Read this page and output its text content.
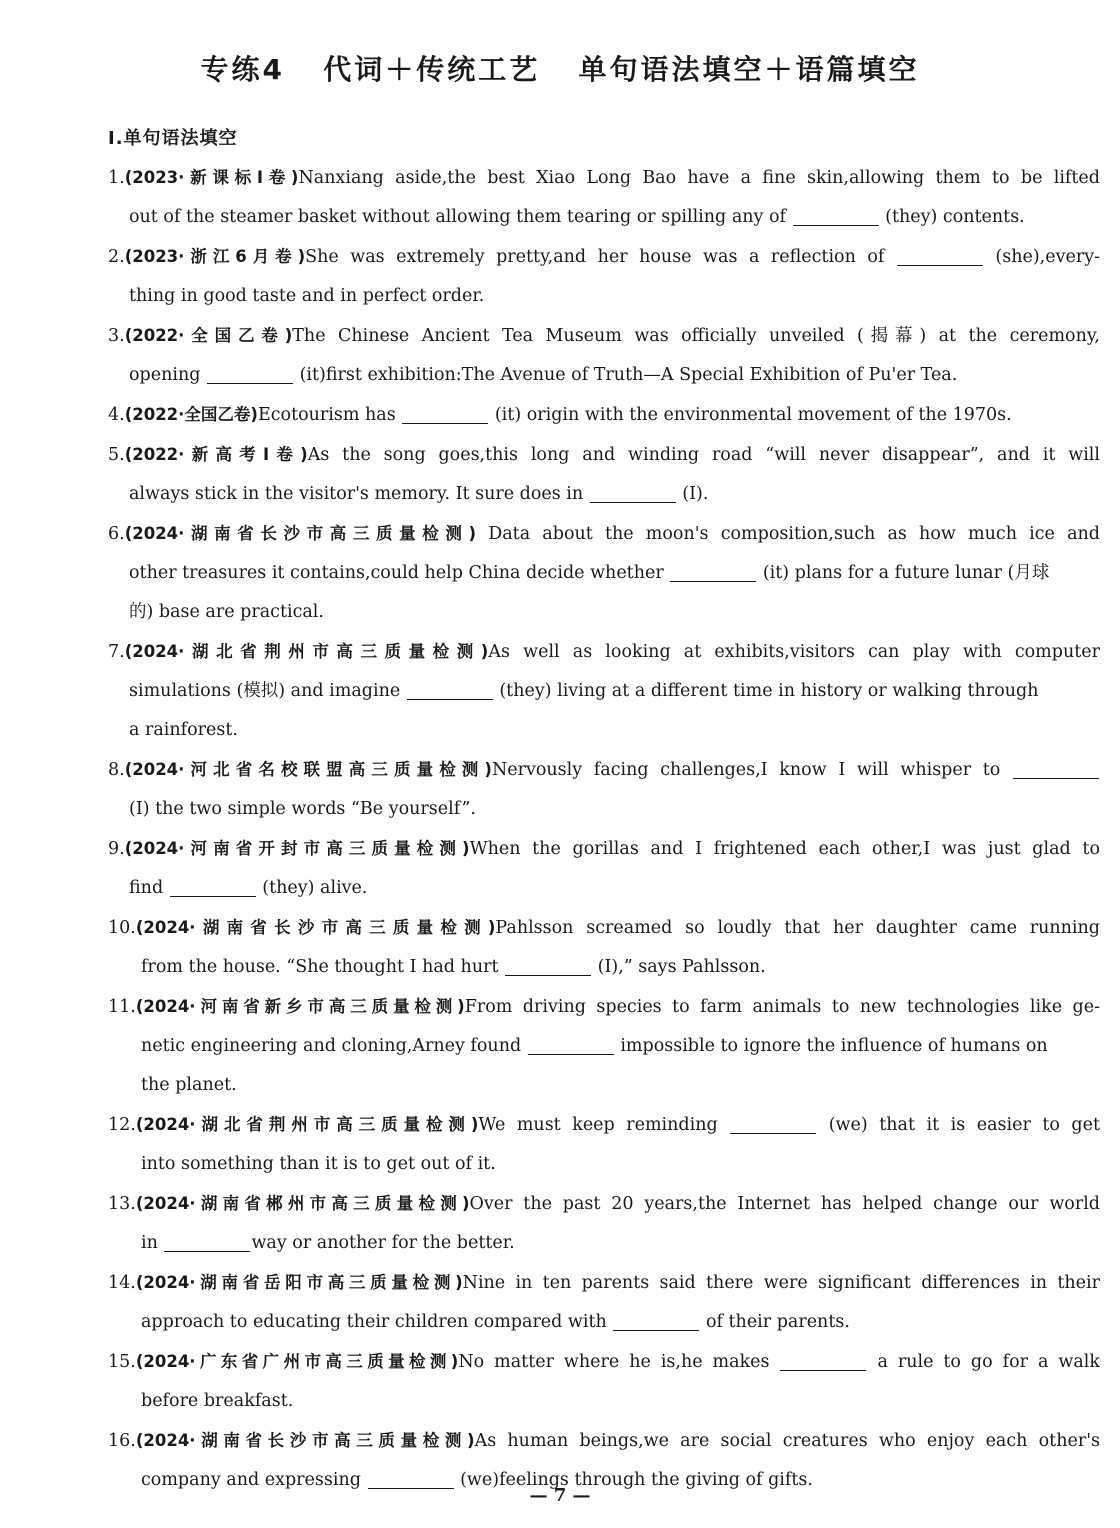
专练4   代词＋传统工艺   单句语法填空＋语篇填空
Ⅰ.单句语法填空
1.(2023·新课标Ⅰ卷)Nanxiang aside,the best Xiao Long Bao have a fine skin,allowing them to be lifted
out of the steamer basket without allowing them tearing or spilling any of	(they) contents.
2.(2023·浙江6月卷)She was extremely pretty,and her house was a reflection of	(she),every-
thing in good taste and in perfect order.
3.(2022·全国乙卷)The Chinese Ancient Tea Museum was officially unveiled (揭幕) at the ceremony,
opening	(it)first exhibition:The Avenue of Truth—A Special Exhibition of Pu'er Tea.
4.(2022·全国乙卷)Ecotourism has	(it) origin with the environmental movement of the 1970s.
5.(2022·新高考Ⅰ卷)As the song goes,this long and winding road “will never disappear”, and it will
always stick in the visitor's memory. It sure does in	(I).
6.(2024·湖南省长沙市高三质量检测) Data about the moon's composition,such as how much ice and
other treasures it contains,could help China decide whether	(it) plans for a future lunar (月球
的) base are practical.
7.(2024·湖北省荆州市高三质量检测)As well as looking at exhibits,visitors can play with computer
simulations (模拟) and imagine	(they) living at a different time in history or walking through
a rainforest.
8.(2024·河北省名校联盟高三质量检测)Nervously facing challenges,I know I will whisper to
(I) the two simple words “Be yourself”.
9.(2024·河南省开封市高三质量检测)When the gorillas and I frightened each other,I was just glad to
find	(they) alive.
10.(2024·湖南省长沙市高三质量检测)Pahlsson screamed so loudly that her daughter came running
from the house. “She thought I had hurt	(I),” says Pahlsson.
11.(2024·河南省新乡市高三质量检测)From driving species to farm animals to new technologies like ge-
netic engineering and cloning,Arney found	impossible to ignore the influence of humans on
the planet.
12.(2024·湖北省荆州市高三质量检测)We must keep reminding	(we) that it is easier to get
into something than it is to get out of it.
13.(2024·湖南省郴州市高三质量检测)Over the past 20 years,the Internet has helped change our world
in	way or another for the better.
14.(2024·湖南省岳阳市高三质量检测)Nine in ten parents said there were significant differences in their
approach to educating their children compared with	of their parents.
15.(2024·广东省广州市高三质量检测)No matter where he is,he makes	a rule to go for a walk
before breakfast.
16.(2024·湖南省长沙市高三质量检测)As human beings,we are social creatures who enjoy each other's
company and expressing	(we)feelings through the giving of gifts.
— 7 —
